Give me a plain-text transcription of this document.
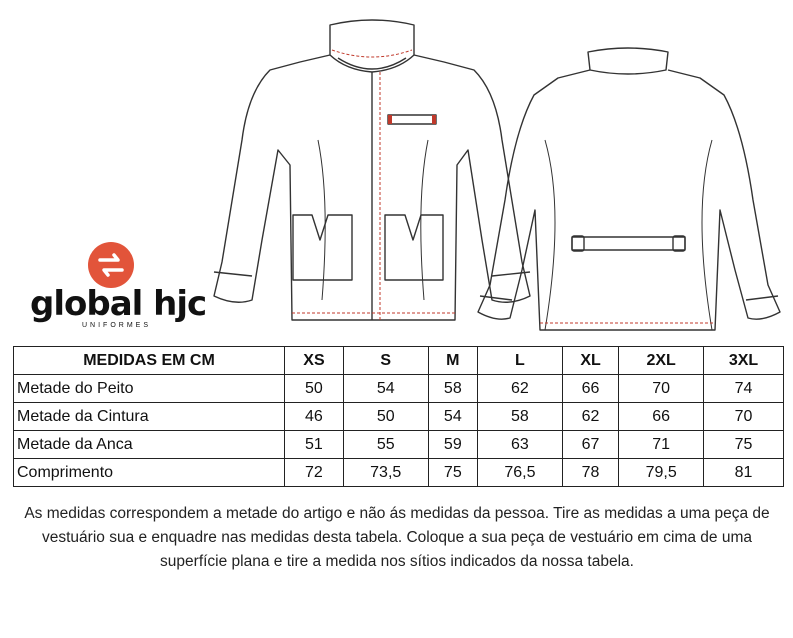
global hjc
UNIFORMES
MEDIDAS EM CM	XS	S	M	L	XL	2XL	3XL
Metade do Peito	50	54	58	62	66	70	74
Metade da Cintura	46	50	54	58	62	66	70
Metade da Anca	51	55	59	63	67	71	75
Comprimento	72	73,5	75	76,5	78	79,5	81
As medidas correspondem a metade do artigo e não ás medidas da pessoa. Tire as medidas a uma peça de vestuário sua e enquadre nas medidas desta tabela. Coloque a sua peça de vestuário em cima de uma superfície plana e tire a medida nos sítios indicados da nossa tabela.
